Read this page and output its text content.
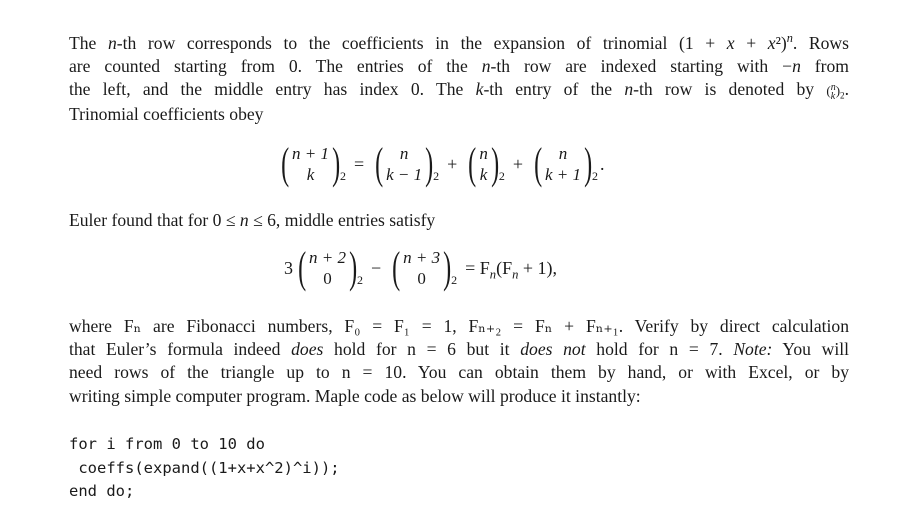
The n-th row corresponds to the coefficients in the expansion of trinomial $(1 + x + x^2)^n$. Rows
are counted starting from 0. The entries of the n-th row are indexed starting with −n from
the left, and the middle entry has index 0. The k-th entry of the n-th row is denoted by ( n
k )$_2$.
Trinomial coefficients obey
( n + 1
k ) 2
= ( n
k − 1 ) 2
+ ( n
k ) 2
+ ( n
k + 1 ) 2
.
Euler found that for 0 ≤ n ≤ 6, middle entries satisfy
3 ( n + 2
0 ) 2
− ( n + 3
0 ) 2
= $F_n(F_n + 1)$,
where Fₙ are Fibonacci numbers, F₀ = F₁ = 1, Fₙ₊₂ = Fₙ + Fₙ₊₁. Verify by direct calculation
that Euler’s formula indeed does hold for n = 6 but it does not hold for n = 7. Note: You will
need rows of the triangle up to n = 10. You can obtain them by hand, or with Excel, or by
writing simple computer program. Maple code as below will produce it instantly:
for i from 0 to 10 do
coeffs(expand((1+x+x^2)^i));
end do;
